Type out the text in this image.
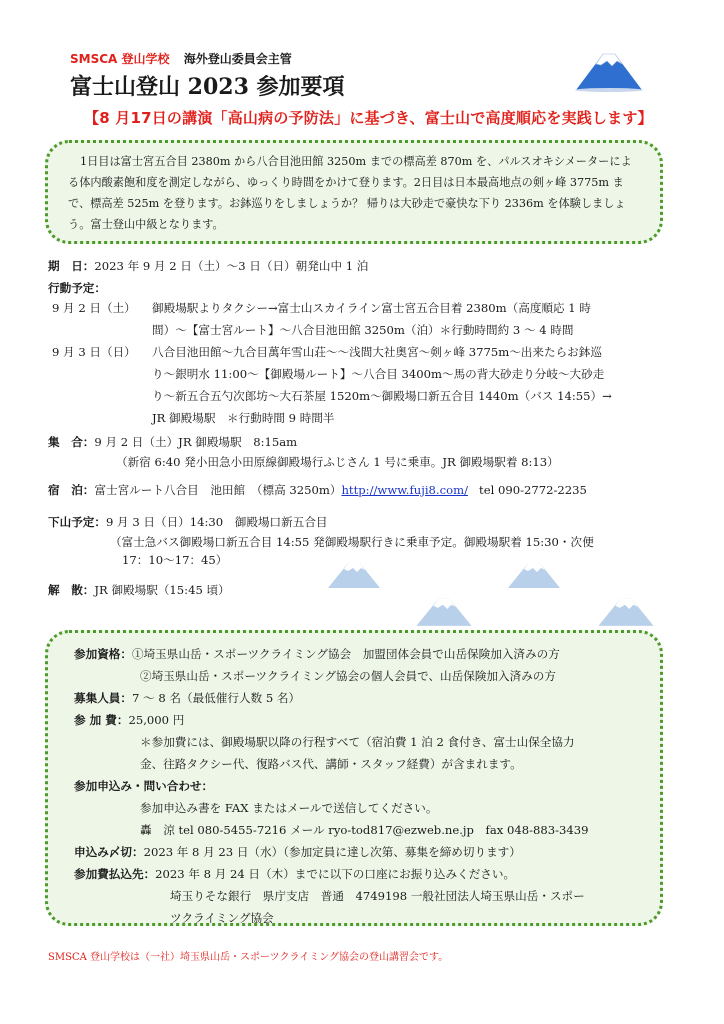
SMSCA 登山学校 海外登山委員会主管
富士山登山 2023 参加要項
【8 月17日の講演「高山病の予防法」に基づき、富士山で高度順応を実践します】

1日目は富士宮五合目 2380m から八合目池田館 3250m までの標高差 870m を、パルスオキシメーターによる体内酸素飽和度を測定しながら、ゆっくり時間をかけて登ります。2日目は日本最高地点の剣ヶ峰 3775m まで、標高差 525m を登ります。お鉢巡りをしましょうか？ 帰りは大砂走で豪快な下り 2336m を体験しましょう。富士登山中級となります。

期　日：2023 年 9 月 2 日（土）～3 日（日）朝発山中 1 泊
行動予定：
9 月 2 日（土） 御殿場駅よりタクシー→富士山スカイライン富士宮五合目着 2380m（高度順応 1 時
間）～【富士宮ルート】～八合目池田館 3250m（泊）＊行動時間約 3 ～ 4 時間
9 月 3 日（日） 八合目池田館～九合目萬年雪山荘～～浅間大社奥宮～剣ヶ峰 3775m～出来たらお鉢巡
り～銀明水 11:00～【御殿場ルート】～八合目 3400m～馬の背大砂走り分岐～大砂走
り～新五合五勺次郎坊～大石茶屋 1520m～御殿場口新五合目 1440m（バス 14:55）→
JR 御殿場駅　＊行動時間 9 時間半
集　合：9 月 2 日（土）JR 御殿場駅　8:15am
（新宿 6:40 発小田急小田原線御殿場行ふじさん 1 号に乗車。JR 御殿場駅着 8:13）
宿　泊：富士宮ルート八合目　池田館　（標高 3250m）http://www.fuji8.com/ tel 090-2772-2235
下山予定：9 月 3 日（日）14:30　御殿場口新五合目
（富士急バス御殿場口新五合目 14:55 発御殿場駅行きに乗車予定。御殿場駅着 15:30・次便
17：10～17：45）
解　散：JR 御殿場駅（15:45 頃）
参加資格：①埼玉県山岳・スポーツクライミング協会　加盟団体会員で山岳保険加入済みの方
②埼玉県山岳・スポーツクライミング協会の個人会員で、山岳保険加入済みの方
募集人員：7 ～ 8 名（最低催行人数 5 名）
参 加 費：25,000 円
＊参加費には、御殿場駅以降の行程すべて（宿泊費 1 泊 2 食付き、富士山保全協力
金、往路タクシー代、復路バス代、講師・スタッフ経費）が含まれます。
参加申込み・問い合わせ：
参加申込み書を FAX またはメールで送信してください。
轟　涼 tel 080-5455-7216 メール ryo-tod817@ezweb.ne.jp　fax 048-883-3439
申込み〆切：2023 年 8 月 23 日（水）（参加定員に達し次第、募集を締め切ります）
参加費払込先：2023 年 8 月 24 日（木）までに以下の口座にお振り込みください。
埼玉りそな銀行　県庁支店　普通　4749198 一般社団法人埼玉県山岳・スポー
ツクライミング協会
SMSCA 登山学校は（一社）埼玉県山岳・スポーツクライミング協会の登山講習会です。
